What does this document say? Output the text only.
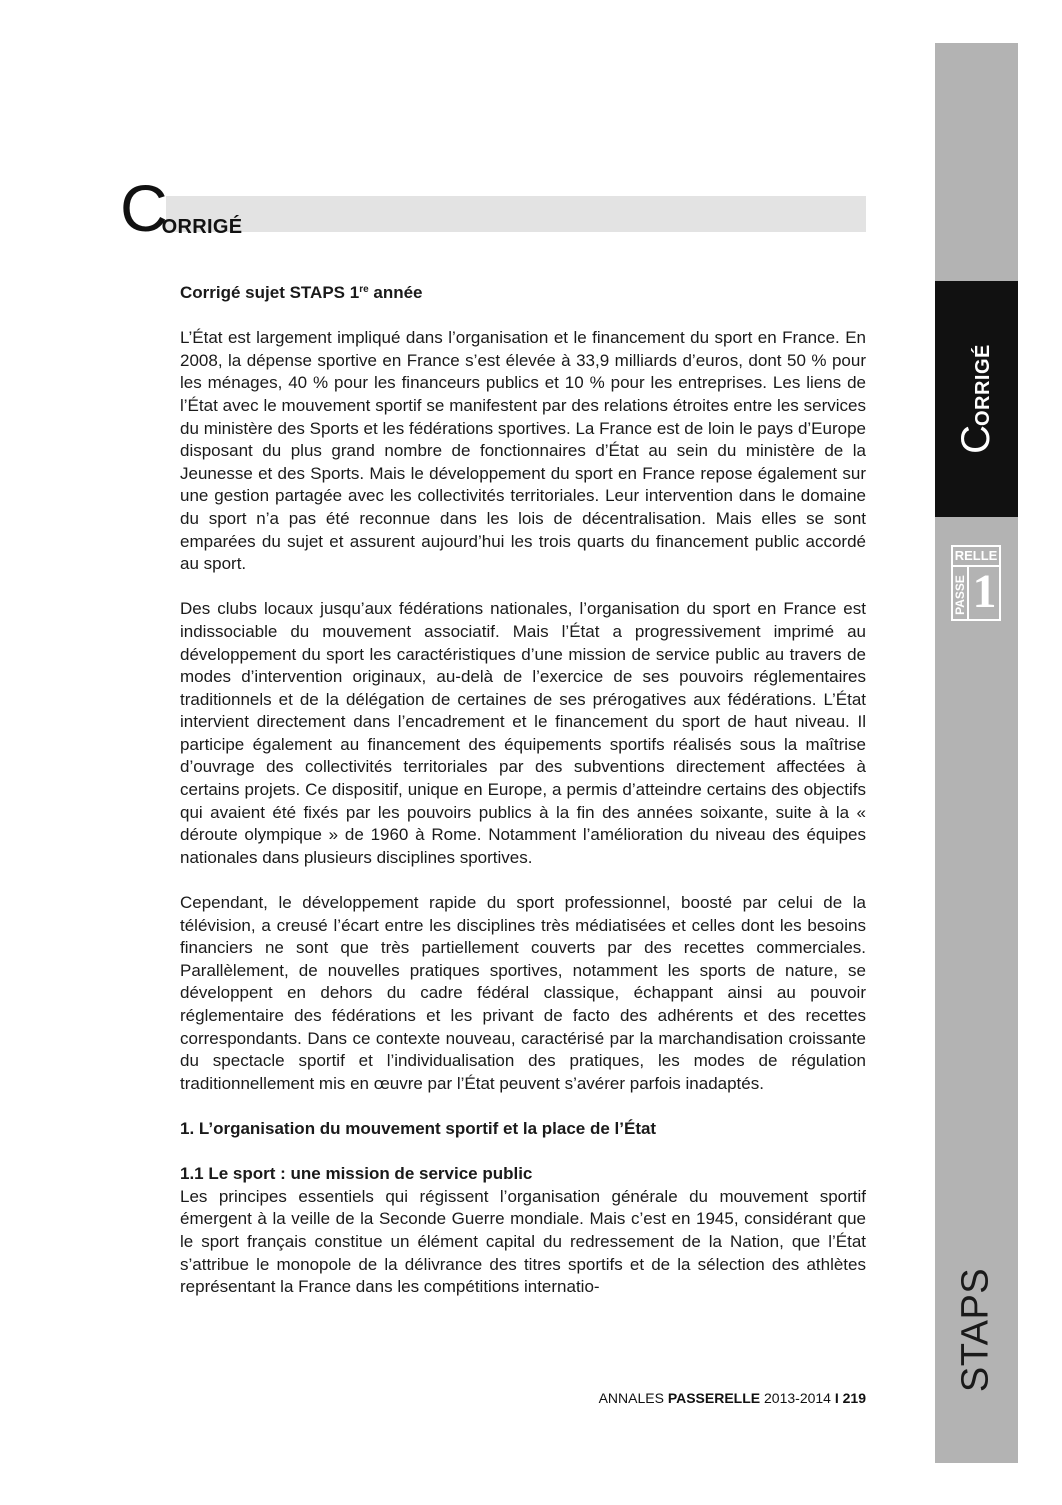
C ORRIGÉ

Corrigé sujet STAPS 1re année

L’État est largement impliqué dans l’organisation et le financement du sport en France. En 2008, la dépense sportive en France s’est élevée à 33,9 milliards d’euros, dont 50 % pour les ménages, 40 % pour les financeurs publics et 10 % pour les entreprises. Les liens de l’État avec le mouvement sportif se manifestent par des relations étroites entre les services du ministère des Sports et les fédérations sportives. La France est de loin le pays d’Europe disposant du plus grand nombre de fonctionnaires d’État au sein du ministère de la Jeunesse et des Sports. Mais le développement du sport en France repose également sur une gestion partagée avec les collectivités territoriales. Leur intervention dans le domaine du sport n’a pas été reconnue dans les lois de décentralisation. Mais elles se sont emparées du sujet et assurent aujourd’hui les trois quarts du financement public accordé au sport.

Des clubs locaux jusqu’aux fédérations nationales, l’organisation du sport en France est indissociable du mouvement associatif. Mais l’État a progressivement imprimé au développement du sport les caractéristiques d’une mission de service public au travers de modes d’intervention originaux, au-delà de l’exercice de ses pouvoirs réglementaires traditionnels et de la délégation de certaines de ses prérogatives aux fédérations. L’État intervient directement dans l’encadrement et le financement du sport de haut niveau. Il participe également au financement des équipements sportifs réalisés sous la maîtrise d’ouvrage des collectivités territoriales par des subventions directement affectées à certains projets. Ce dispositif, unique en Europe, a permis d’atteindre certains des objectifs qui avaient été fixés par les pouvoirs publics à la fin des années soixante, suite à la « déroute olympique » de 1960 à Rome. Notamment l’amélioration du niveau des équipes nationales dans plusieurs disciplines sportives.

Cependant, le développement rapide du sport professionnel, boosté par celui de la télévision, a creusé l’écart entre les disciplines très médiatisées et celles dont les besoins financiers ne sont que très partiellement couverts par des recettes commerciales. Parallèlement, de nouvelles pratiques sportives, notamment les sports de nature, se développent en dehors du cadre fédéral classique, échappant ainsi au pouvoir réglementaire des fédérations et les privant de facto des adhérents et des recettes correspondants. Dans ce contexte nouveau, caractérisé par la marchandisation croissante du spectacle sportif et l’individualisation des pratiques, les modes de régulation traditionnellement mis en œuvre par l’État peuvent s’avérer parfois inadaptés.

1. L’organisation du mouvement sportif et la place de l’État

1.1 Le sport : une mission de service public

Les principes essentiels qui régissent l’organisation générale du mouvement sportif émergent à la veille de la Seconde Guerre mondiale. Mais c’est en 1945, considérant que le sport français constitue un élément capital du redressement de la Nation, que l’État s’attribue le monopole de la délivrance des titres sportifs et de la sélection des athlètes représentant la France dans les compétitions internatio-

ANNALES PASSERELLE 2013-2014 I 219
C
ORRIGÉ
RELLE
PASSE 1
STAPS
